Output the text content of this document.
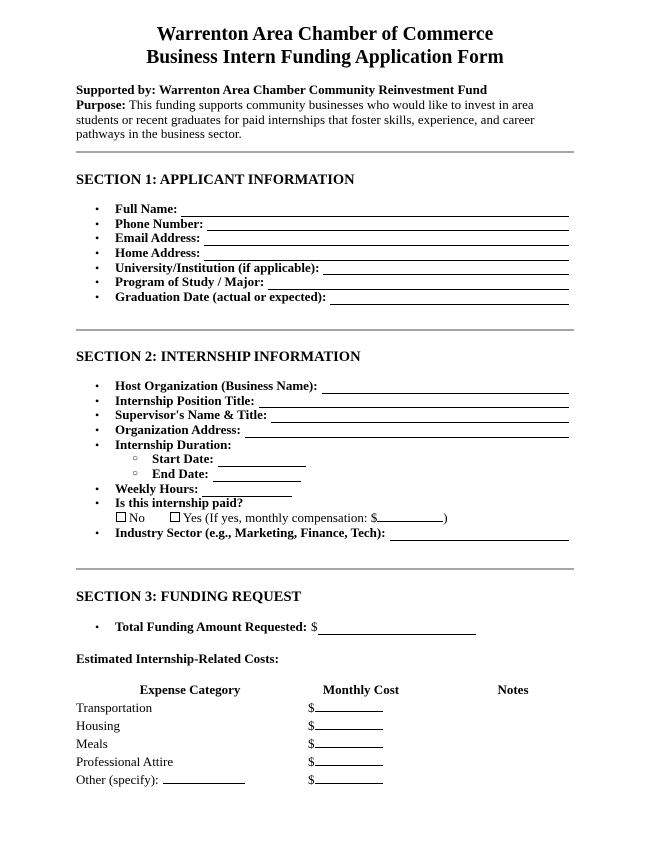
Warrenton Area Chamber of Commerce
Business Intern Funding Application Form
Supported by: Warrenton Area Chamber Community Reinvestment Fund
Purpose: This funding supports community businesses who would like to invest in area students or recent graduates for paid internships that foster skills, experience, and career pathways in the business sector.
SECTION 1: APPLICANT INFORMATION
•	Full Name:
•	Phone Number:
•	Email Address:
•	Home Address:
•	University/Institution (if applicable):
•	Program of Study / Major:
•	Graduation Date (actual or expected):
SECTION 2: INTERNSHIP INFORMATION
•	Host Organization (Business Name):
•	Internship Position Title:
•	Supervisor's Name & Title:
•	Organization Address:
•	Internship Duration:
○	Start Date:
○	End Date:
•	Weekly Hours:
•	Is this internship paid?
No	Yes (If yes, monthly compensation: $	)
•	Industry Sector (e.g., Marketing, Finance, Tech):
SECTION 3: FUNDING REQUEST
•	Total Funding Amount Requested: $
Estimated Internship-Related Costs:
Expense Category	Monthly Cost	Notes
Transportation	$
Housing	$
Meals	$
Professional Attire	$
Other (specify):	$
